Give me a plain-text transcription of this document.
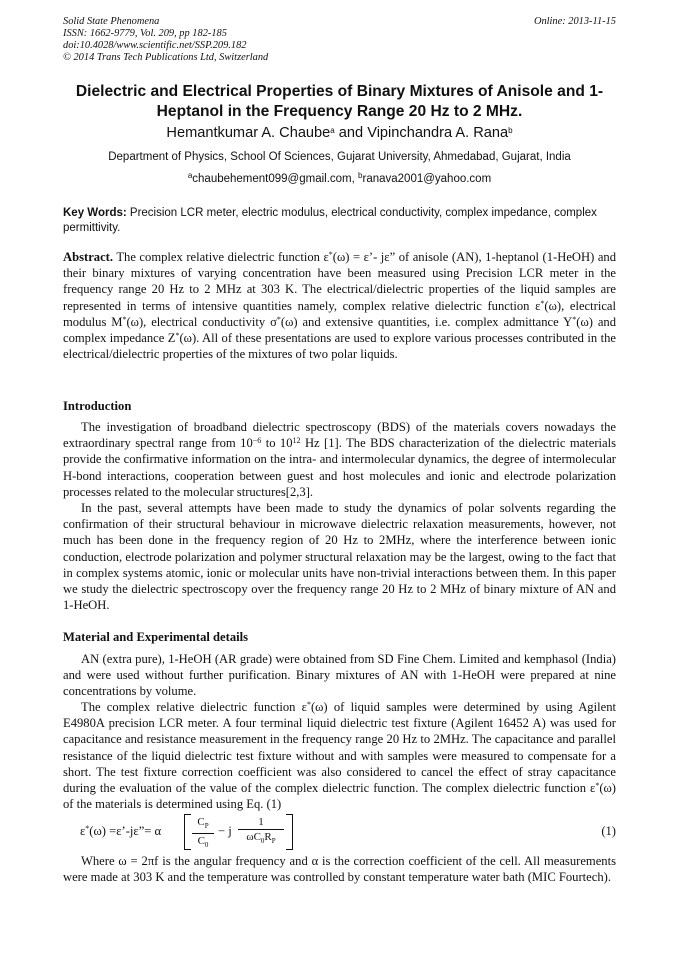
Solid State Phenomena
ISSN: 1662-9779, Vol. 209, pp 182-185
doi:10.4028/www.scientific.net/SSP.209.182
© 2014 Trans Tech Publications Ltd, Switzerland
Online: 2013-11-15
Dielectric and Electrical Properties of Binary Mixtures of Anisole and 1-Heptanol in the Frequency Range 20 Hz to 2 MHz.
Hemantkumar A. Chaube$^a$ and Vipinchandra A. Rana$^b$
Department of Physics, School Of Sciences, Gujarat University, Ahmedabad, Gujarat, India
$^a$chaubehement099@gmail.com, $^b$ranava2001@yahoo.com
Key Words: Precision LCR meter, electric modulus, electrical conductivity, complex impedance, complex permittivity.
Abstract. The complex relative dielectric function ε*(ω) = ε’- jε” of anisole (AN), 1-heptanol (1-HeOH) and their binary mixtures of varying concentration have been measured using Precision LCR meter in the frequency range 20 Hz to 2 MHz at 303 K. The electrical/dielectric properties of the liquid samples are represented in terms of intensive quantities namely, complex relative dielectric function ε*(ω), electrical modulus M*(ω), electrical conductivity σ*(ω) and extensive quantities, i.e. complex admittance Y*(ω) and complex impedance Z*(ω). All of these presentations are used to explore various processes contributed in the electrical/dielectric properties of the mixtures of two polar liquids.
Introduction
The investigation of broadband dielectric spectroscopy (BDS) of the materials covers nowadays the extraordinary spectral range from $10^{-6}$ to $10^{12}$ Hz [1]. The BDS characterization of the dielectric materials provide the confirmative information on the intra- and intermolecular dynamics, the degree of intermolecular H-bond interactions, cooperation between guest and host molecules and ionic and electrode polarization processes related to the molecular structures[2,3].
In the past, several attempts have been made to study the dynamics of polar solvents regarding the confirmation of their structural behaviour in microwave dielectric relaxation measurements, however, not much has been done in the frequency region of 20 Hz to 2MHz, where the interference between ionic conduction, electrode polarization and polymer structural relaxation may be the largest, owing to the fact that in complex systems atomic, ionic or molecular units have non-trivial interactions between them. In this paper we study the dielectric spectroscopy over the frequency range 20 Hz to 2 MHz of binary mixture of AN and 1-HeOH.
Material and Experimental details
AN (extra pure), 1-HeOH (AR grade) were obtained from SD Fine Chem. Limited and kemphasol (India) and were used without further purification. Binary mixtures of AN with 1-HeOH were prepared at nine concentrations by volume.
The complex relative dielectric function ε*(ω) of liquid samples were determined by using Agilent E4980A precision LCR meter. A four terminal liquid dielectric test fixture (Agilent 16452 A) was used for capacitance and resistance measurement in the frequency range 20 Hz to 2MHz. The capacitance and parallel resistance of the liquid dielectric test fixture without and with samples were measured to compensate for a short. The test fixture correction coefficient was also considered to cancel the effect of stray capacitance during the evaluation of the value of the complex dielectric function. The complex dielectric function ε*(ω) of the materials is determined using Eq. (1)
ε*(ω) =ε’-jε”= α	$\frac{C_P}{C_0} - j \frac{1}{\omega C_0R_P}$	(1)
Where ω = 2πf is the angular frequency and α is the correction coefficient of the cell. All measurements were made at 303 K and the temperature was controlled by constant temperature water bath (MIC Fourtech).
